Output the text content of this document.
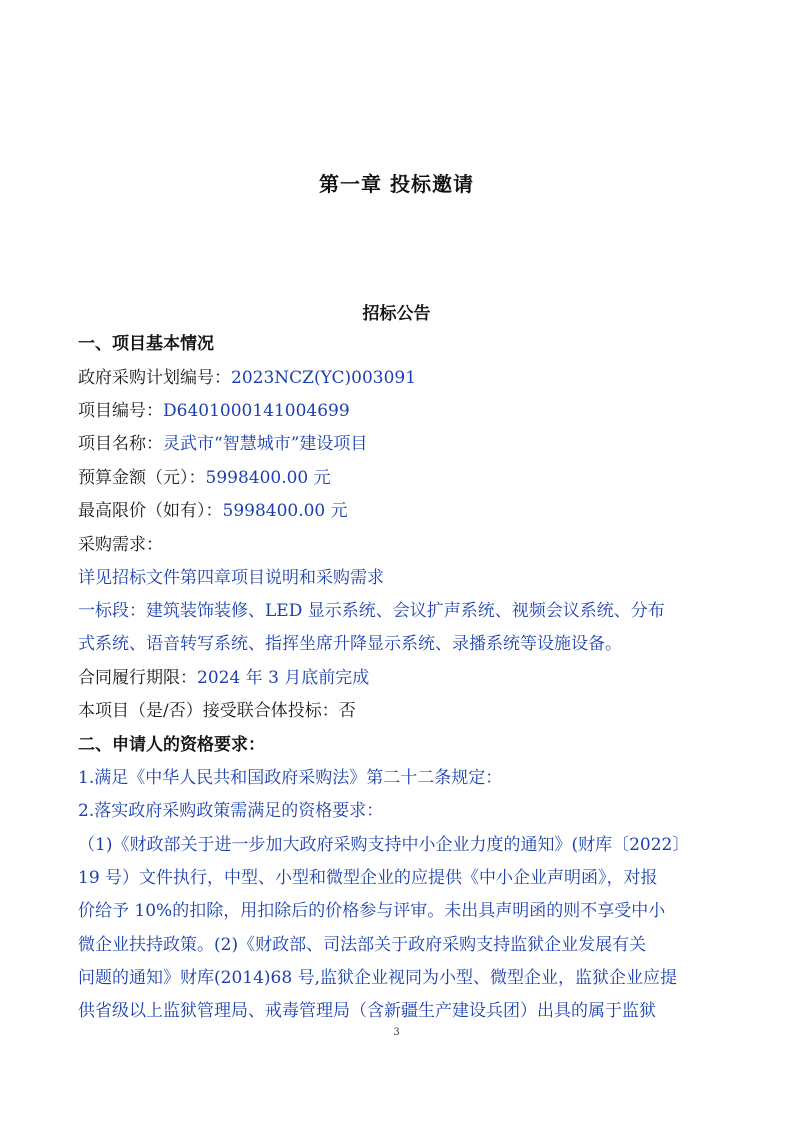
第一章 投标邀请
招标公告
一、项目基本情况
政府采购计划编号：2023NCZ(YC)003091
项目编号：D6401000141004699
项目名称：灵武市“智慧城市”建设项目
预算金额（元）：5998400.00 元
最高限价（如有）：5998400.00 元
采购需求：
详见招标文件第四章项目说明和采购需求
一标段：建筑装饰装修、LED 显示系统、会议扩声系统、视频会议系统、分布
式系统、语音转写系统、指挥坐席升降显示系统、录播系统等设施设备。
合同履行期限：2024 年 3 月底前完成
本项目（是/否）接受联合体投标：否
二、申请人的资格要求：
1.满足《中华人民共和国政府采购法》第二十二条规定：
2.落实政府采购政策需满足的资格要求：
（1)《财政部关于进一步加大政府采购支持中小企业力度的通知》(财库〔2022〕
19 号）文件执行，中型、小型和微型企业的应提供《中小企业声明函》，对报
价给予 10%的扣除，用扣除后的价格参与评审。未出具声明函的则不享受中小
微企业扶持政策。(2)《财政部、司法部关于政府采购支持监狱企业发展有关
问题的通知》财库(2014)68 号,监狱企业视同为小型、微型企业，监狱企业应提
供省级以上监狱管理局、戒毒管理局（含新疆生产建设兵团）出具的属于监狱
3
